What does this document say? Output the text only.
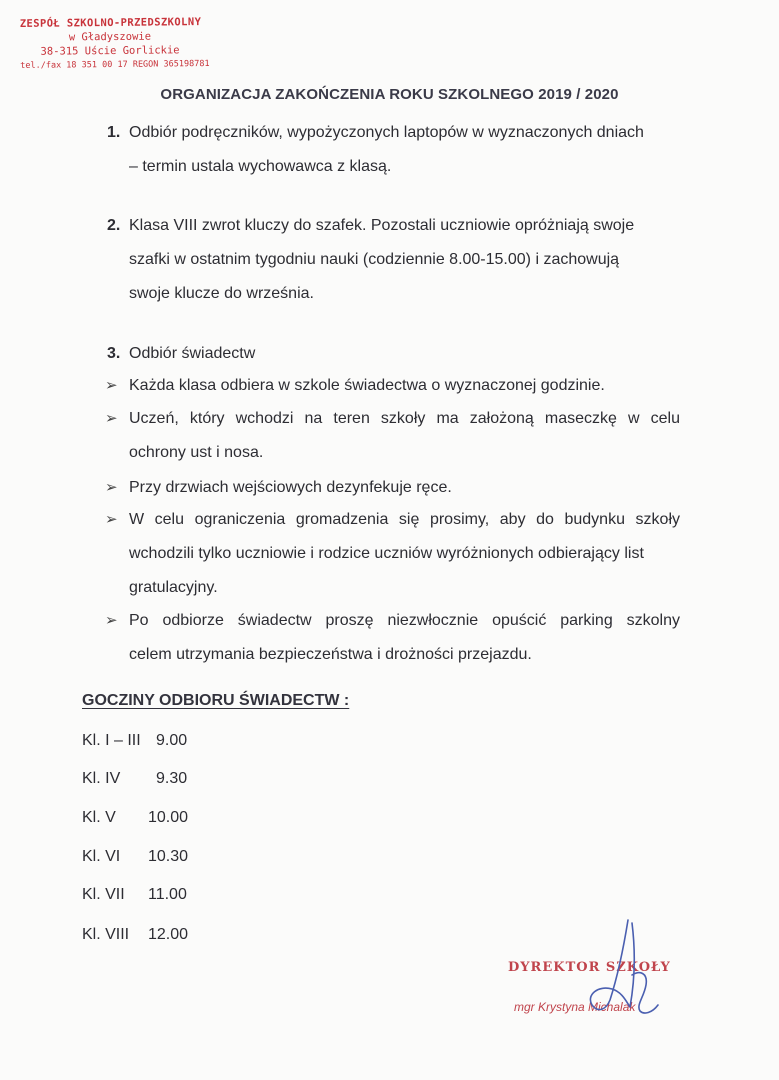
ZESPÓŁ SZKOLNO-PRZEDSZKOLNY
w Gładyszowie
38-315 Uście Gorlickie
tel./fax 18 351 00 17 REGON 365198781
ORGANIZACJA ZAKOŃCZENIA ROKU SZKOLNEGO 2019 / 2020
1. Odbiór podręczników, wypożyczonych laptopów w wyznaczonych dniach
– termin ustala wychowawca z klasą.
2. Klasa VIII zwrot kluczy do szafek. Pozostali uczniowie opróżniają swoje
szafki w ostatnim tygodniu nauki (codziennie 8.00-15.00) i zachowują
swoje klucze do września.
3. Odbiór świadectw
➢ Każda klasa odbiera w szkole świadectwa o wyznaczonej godzinie.
➢ Uczeń, który wchodzi na teren szkoły ma założoną maseczkę w celu
ochrony ust i nosa.
➢ Przy drzwiach wejściowych dezynfekuje ręce.
➢ W celu ograniczenia gromadzenia się prosimy, aby do budynku szkoły
wchodzili tylko uczniowie i rodzice uczniów wyróżnionych odbierający list
gratulacyjny.
➢ Po odbiorze świadectw proszę niezwłocznie opuścić parking szkolny
celem utrzymania bezpieczeństwa i drożności przejazdu.
GOCZINY ODBIORU ŚWIADECTW :
Kl. I – III 9.00
Kl. IV 9.30
Kl. V 10.00
Kl. VI 10.30
Kl. VII 11.00
Kl. VIII 12.00
DYREKTOR SZKOŁY
mgr Krystyna Michalak
